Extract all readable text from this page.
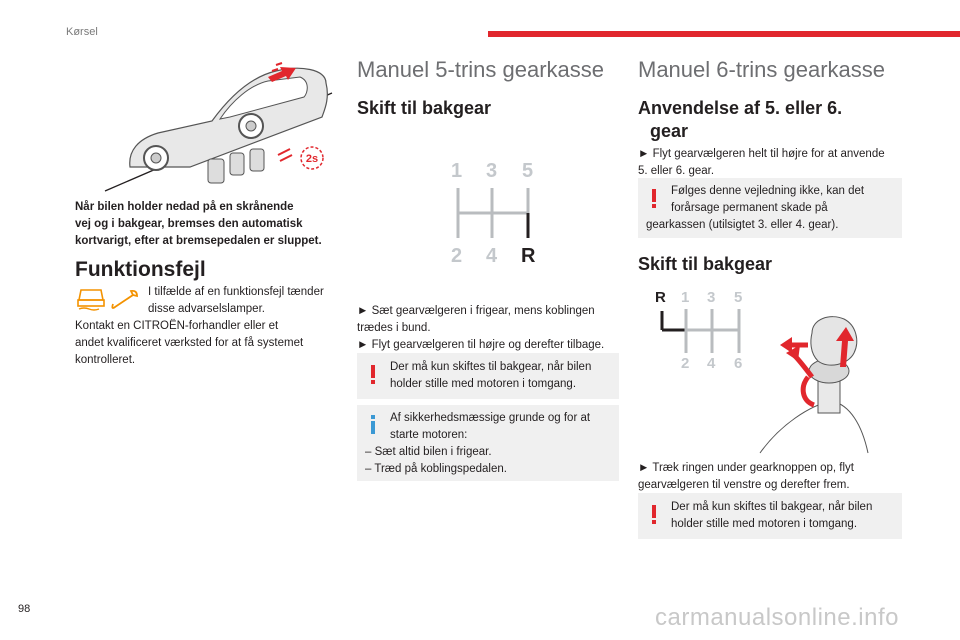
Kørsel
2s
Når bilen holder nedad på en skrånende
vej og i bakgear, bremses den automatisk
kortvarigt, efter at bremsepedalen er sluppet.
Funktionsfejl
I tilfælde af en funktionsfejl tænder
disse advarselslamper.
Kontakt en CITROËN-forhandler eller et
andet kvalificeret værksted for at få systemet
kontrolleret.
Manuel 5-trins gearkasse
Skift til bakgear
1 3 5
2 4 R
► Sæt gearvælgeren i frigear, mens koblingen
trædes i bund.
► Flyt gearvælgeren til højre og derefter tilbage.
Der må kun skiftes til bakgear, når bilen
holder stille med motoren i tomgang.
Af sikkerhedsmæssige grunde og for at
starte motoren:
– Sæt altid bilen i frigear.
– Træd på koblingspedalen.
Manuel 6-trins gearkasse
Anvendelse af 5. eller 6.
gear
► Flyt gearvælgeren helt til højre for at anvende
5. eller 6. gear.
Følges denne vejledning ikke, kan det
forårsage permanent skade på
gearkassen (utilsigtet 3. eller 4. gear).
Skift til bakgear
R 1 3 5
2 4 6
► Træk ringen under gearknoppen op, flyt
gearvælgeren til venstre og derefter frem.
Der må kun skiftes til bakgear, når bilen
holder stille med motoren i tomgang.
98	carmanualsonline.info
